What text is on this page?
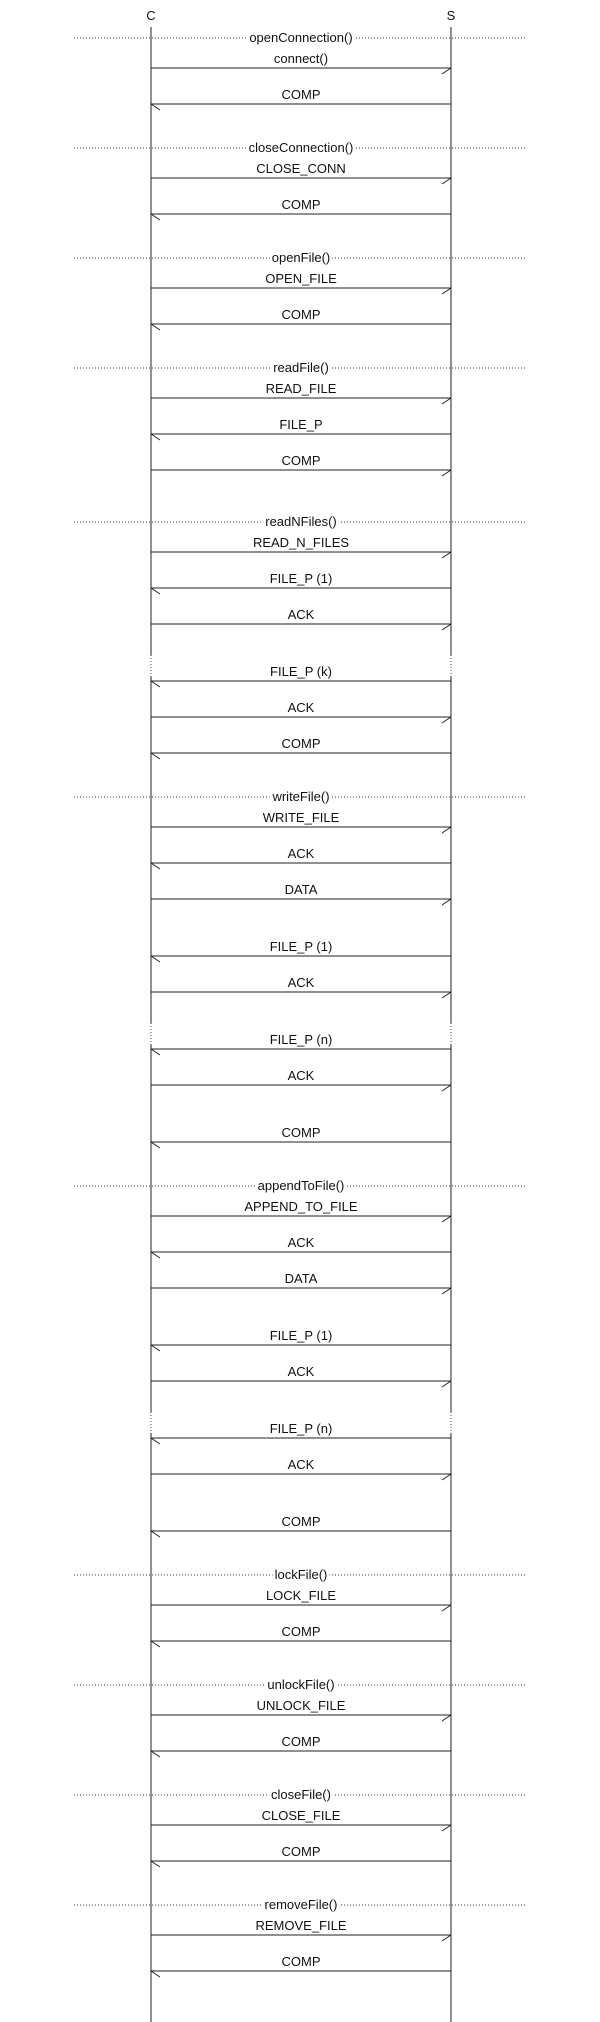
C	S
openConnection()
connect()
COMP
closeConnection()
CLOSE_CONN
COMP
openFile()
OPEN_FILE
COMP
readFile()
READ_FILE
FILE_P
COMP
readNFiles()
READ_N_FILES
FILE_P (1)
ACK
FILE_P (k)
ACK
COMP
writeFile()
WRITE_FILE
ACK
DATA
FILE_P (1)
ACK
FILE_P (n)
ACK
COMP
appendToFile()
APPEND_TO_FILE
ACK
DATA
FILE_P (1)
ACK
FILE_P (n)
ACK
COMP
lockFile()
LOCK_FILE
COMP
unlockFile()
UNLOCK_FILE
COMP
closeFile()
CLOSE_FILE
COMP
removeFile()
REMOVE_FILE
COMP
